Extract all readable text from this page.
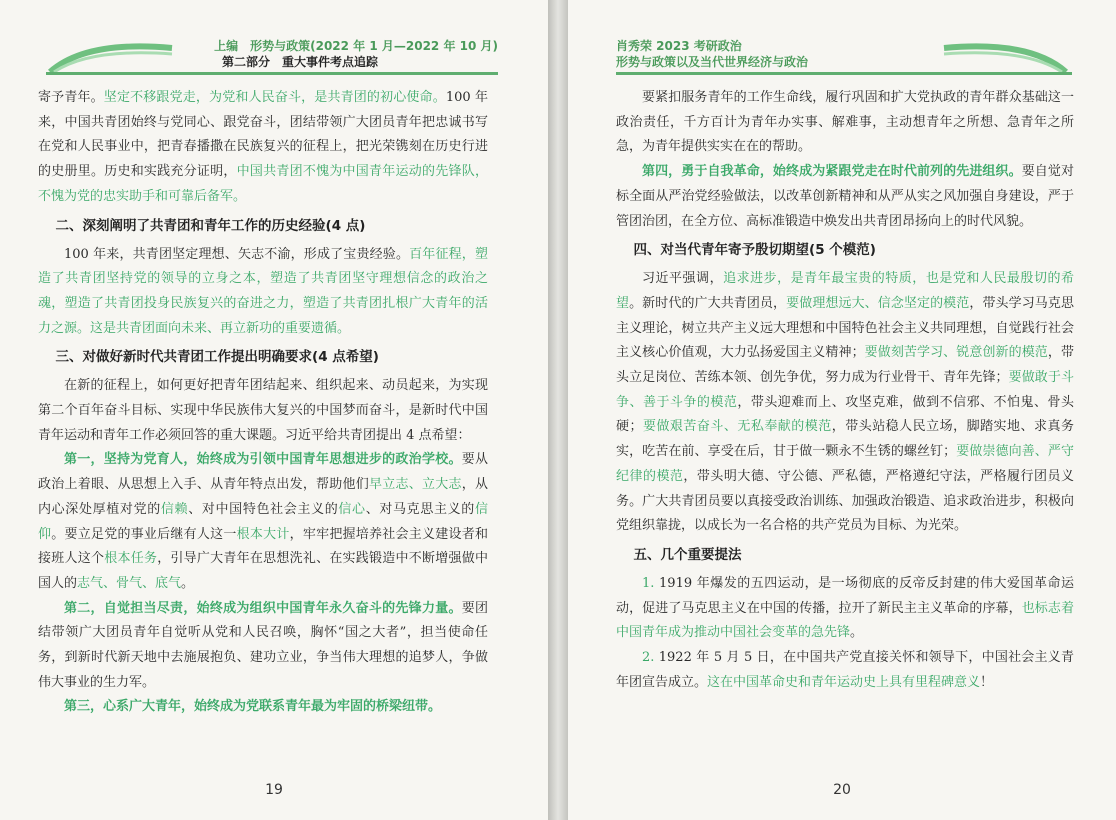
上编　形势与政策(2022 年 1 月—2022 年 10 月)
第二部分　重大事件考点追踪

寄予青年。坚定不移跟党走，为党和人民奋斗，是共青团的初心使命。100 年来，中国共青团始终与党同心、跟党奋斗，团结带领广大团员青年把忠诚书写在党和人民事业中，把青春播撒在民族复兴的征程上，把光荣镌刻在历史行进的史册里。历史和实践充分证明，中国共青团不愧为中国青年运动的先锋队，不愧为党的忠实助手和可靠后备军。

二、深刻阐明了共青团和青年工作的历史经验(4 点)

100 年来，共青团坚定理想、矢志不渝，形成了宝贵经验。百年征程，塑造了共青团坚持党的领导的立身之本，塑造了共青团坚守理想信念的政治之魂，塑造了共青团投身民族复兴的奋进之力，塑造了共青团扎根广大青年的活力之源。这是共青团面向未来、再立新功的重要遗循。

三、对做好新时代共青团工作提出明确要求(4 点希望)

在新的征程上，如何更好把青年团结起来、组织起来、动员起来，为实现第二个百年奋斗目标、实现中华民族伟大复兴的中国梦而奋斗，是新时代中国青年运动和青年工作必须回答的重大课题。习近平给共青团提出 4 点希望：

第一，坚持为党育人，始终成为引领中国青年思想进步的政治学校。要从政治上着眼、从思想上入手、从青年特点出发，帮助他们早立志、立大志，从内心深处厚植对党的信赖、对中国特色社会主义的信心、对马克思主义的信仰。要立足党的事业后继有人这一根本大计，牢牢把握培养社会主义建设者和接班人这个根本任务，引导广大青年在思想洗礼、在实践锻造中不断增强做中国人的志气、骨气、底气。

第二，自觉担当尽责，始终成为组织中国青年永久奋斗的先锋力量。要团结带领广大团员青年自觉听从党和人民召唤，胸怀“国之大者”，担当使命任务，到新时代新天地中去施展抱负、建功立业，争当伟大理想的追梦人，争做伟大事业的生力军。

第三，心系广大青年，始终成为党联系青年最为牢固的桥梁纽带。

19
肖秀荣 2023 考研政治
形势与政策以及当代世界经济与政治

要紧扣服务青年的工作生命线，履行巩固和扩大党执政的青年群众基础这一政治责任，千方百计为青年办实事、解难事，主动想青年之所想、急青年之所急，为青年提供实实在在的帮助。

第四，勇于自我革命，始终成为紧跟党走在时代前列的先进组织。要自觉对标全面从严治党经验做法，以改革创新精神和从严从实之风加强自身建设，严于管团治团，在全方位、高标准锻造中焕发出共青团昂扬向上的时代风貌。

四、对当代青年寄予殷切期望(5 个模范)

习近平强调，追求进步，是青年最宝贵的特质，也是党和人民最殷切的希望。新时代的广大共青团员，要做理想远大、信念坚定的模范，带头学习马克思主义理论，树立共产主义远大理想和中国特色社会主义共同理想，自觉践行社会主义核心价值观，大力弘扬爱国主义精神；要做刻苦学习、锐意创新的模范，带头立足岗位、苦练本领、创先争优，努力成为行业骨干、青年先锋；要做敢于斗争、善于斗争的模范，带头迎难而上、攻坚克难，做到不信邪、不怕鬼、骨头硬；要做艰苦奋斗、无私奉献的模范，带头站稳人民立场，脚踏实地、求真务实，吃苦在前、享受在后，甘于做一颗永不生锈的螺丝钉；要做崇德向善、严守纪律的模范，带头明大德、守公德、严私德，严格遵纪守法，严格履行团员义务。广大共青团员要以真接受政治训练、加强政治锻造、追求政治进步，积极向党组织靠拢，以成长为一名合格的共产党员为目标、为光荣。

五、几个重要提法

1. 1919 年爆发的五四运动，是一场彻底的反帝反封建的伟大爱国革命运动，促进了马克思主义在中国的传播，拉开了新民主主义革命的序幕，也标志着中国青年成为推动中国社会变革的急先锋。

2. 1922 年 5 月 5 日，在中国共产党直接关怀和领导下，中国社会主义青年团宣告成立。这在中国革命史和青年运动史上具有里程碑意义！

20
